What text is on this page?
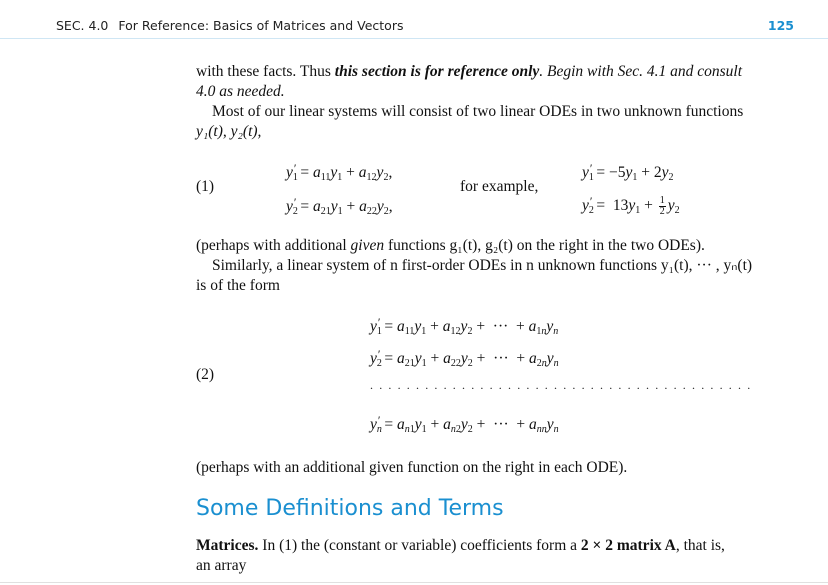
SEC. 4.0 For Reference: Basics of Matrices and Vectors	125
with these facts. Thus this section is for reference only. Begin with Sec. 4.1 and consult
4.0 as needed.
Most of our linear systems will consist of two linear ODEs in two unknown functions
y₁(t), y₂(t),
(1)
$y_1' = a_{11}y_1 + a_{12}y_2$,
$y_2' = a_{21}y_1 + a_{22}y_2$,
for example,
$y_1' = -5y_1 + 2y_2$
$y_2' = 13y_1 + \frac{1}{2} y_2$
(perhaps with additional given functions g₁(t), g₂(t) on the right in the two ODEs).
Similarly, a linear system of n first-order ODEs in n unknown functions y₁(t), ··· , yₙ(t)
is of the form
(2)
$y_1' = a_{11}y_1 + a_{12}y_2$ +  ···  + $a_{1n}y_n$
$y_2' = a_{21}y_1 + a_{22}y_2$ +  ···  + $a_{2n}y_n$
. . . . . . . . . . . . . . . . . . . . . . . . . . . . . . . . . . . . . . . . . .
$y_n' = a_{n1}y_1 + a_{n2}y_2$ +  ···  + $a_{nn}y_n$
(perhaps with an additional given function on the right in each ODE).
Some Definitions and Terms
Matrices. In (1) the (constant or variable) coefficients form a 2 × 2 matrix A, that is,
an array
